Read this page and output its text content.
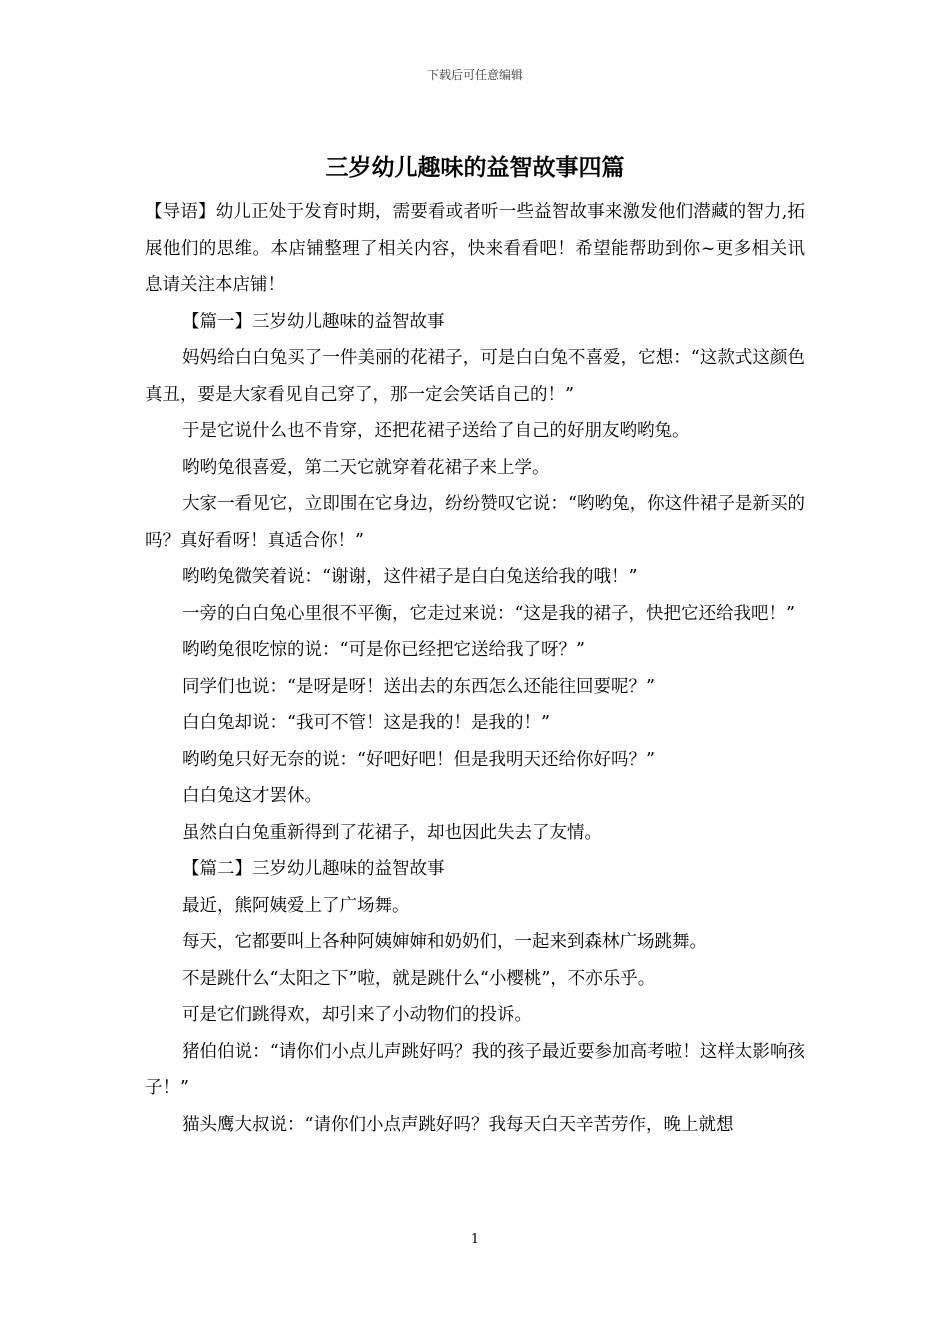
下载后可任意编辑
三岁幼儿趣味的益智故事四篇

【导语】幼儿正处于发育时期，需要看或者听一些益智故事来激发他们潜藏的智力,拓展他们的思维。本店铺整理了相关内容，快来看看吧！希望能帮助到你~更多相关讯息请关注本店铺！

【篇一】三岁幼儿趣味的益智故事

妈妈给白白兔买了一件美丽的花裙子，可是白白兔不喜爱，它想：“这款式这颜色真丑，要是大家看见自己穿了，那一定会笑话自己的！”

于是它说什么也不肯穿，还把花裙子送给了自己的好朋友哟哟兔。

哟哟兔很喜爱，第二天它就穿着花裙子来上学。

大家一看见它，立即围在它身边，纷纷赞叹它说：“哟哟兔，你这件裙子是新买的吗？真好看呀！真适合你！”

哟哟兔微笑着说：“谢谢，这件裙子是白白兔送给我的哦！”

一旁的白白兔心里很不平衡，它走过来说：“这是我的裙子，快把它还给我吧！”

哟哟兔很吃惊的说：“可是你已经把它送给我了呀？”

同学们也说：“是呀是呀！送出去的东西怎么还能往回要呢？”

白白兔却说：“我可不管！这是我的！是我的！”

哟哟兔只好无奈的说：“好吧好吧！但是我明天还给你好吗？”

白白兔这才罢休。

虽然白白兔重新得到了花裙子，却也因此失去了友情。

【篇二】三岁幼儿趣味的益智故事

最近，熊阿姨爱上了广场舞。

每天，它都要叫上各种阿姨婶婶和奶奶们，一起来到森林广场跳舞。

不是跳什么“太阳之下”啦，就是跳什么“小樱桃”，不亦乐乎。

可是它们跳得欢，却引来了小动物们的投诉。

猪伯伯说：“请你们小点儿声跳好吗？我的孩子最近要参加高考啦！这样太影响孩子！”

猫头鹰大叔说：“请你们小点声跳好吗？我每天白天辛苦劳作，晚上就想

1
